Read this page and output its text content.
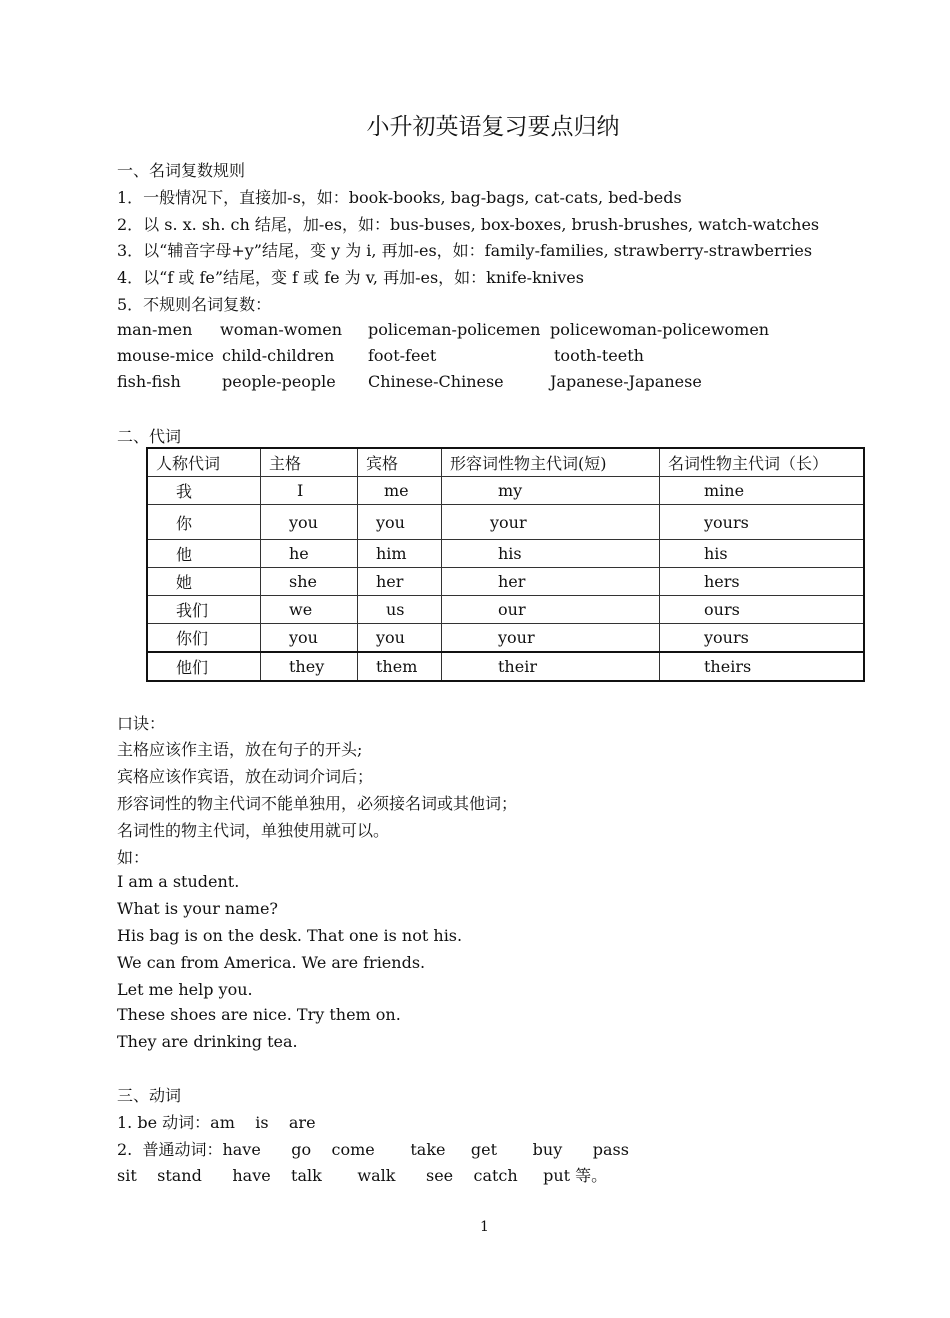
小升初英语复习要点归纳
一、名词复数规则
1．一般情况下，直接加-s，如：book-books, bag-bags, cat-cats, bed-beds
2．以 s. x. sh. ch 结尾，加-es，如：bus-buses, box-boxes, brush-brushes, watch-watches
3．以“辅音字母+y”结尾，变 y 为 i, 再加-es，如：family-families, strawberry-strawberries
4．以“f 或 fe”结尾，变 f 或 fe 为 v, 再加-es，如：knife-knives
5．不规则名词复数：
man-men woman-women policeman-policemen policewoman-policewomen
mouse-mice child-children foot-feet	tooth-teeth
fish-fish	people-people Chinese-Chinese	Japanese-Japanese
二、代词
人称代词	主格	宾格	形容词性物主代词(短)	名词性物主代词（长）
我	I	me	my	mine
你	you	you	your	yours
他	he	him	his	his
她	she	her	her	hers
我们	we	us	our	ours
你们	you	you	your	yours
他们	they	them	their	theirs
口诀：
主格应该作主语，放在句子的开头;
宾格应该作宾语，放在动词介词后；
形容词性的物主代词不能单独用，必须接名词或其他词；
名词性的物主代词，单独使用就可以。
如：
I am a student.
What is your name?
His bag is on the desk. That one is not his.
We can from America. We are friends.
Let me help you.
These shoes are nice. Try them on.
They are drinking tea.
三、动词
1. be 动词：am    is    are
2.  普通动词：have      go    come       take     get       buy      pass
sit    stand      have    talk       walk      see    catch     put 等。
1
